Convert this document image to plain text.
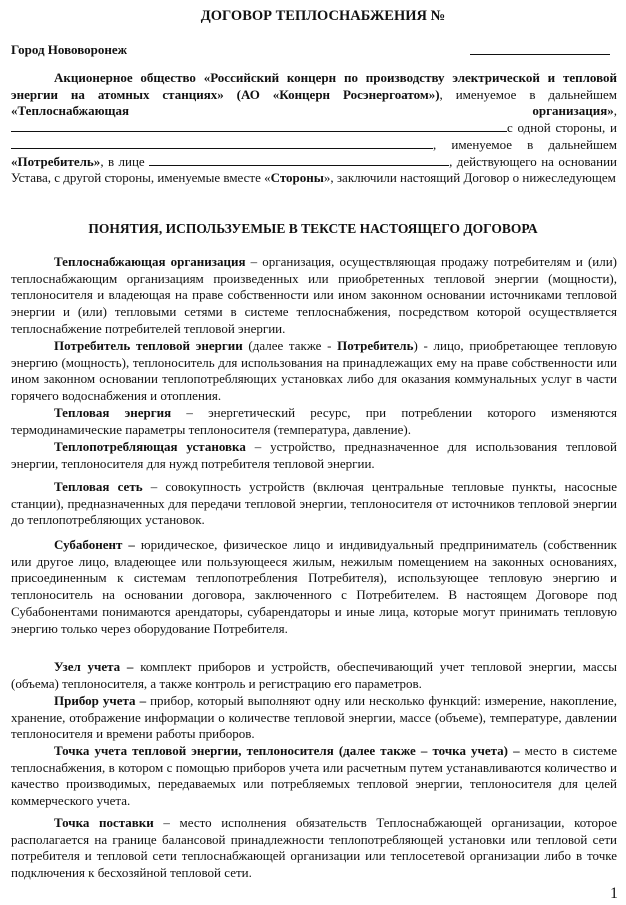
ДОГОВОР ТЕПЛОСНАБЖЕНИЯ №
Город Нововоронеж
Акционерное общество «Российский концерн по производству электрической и тепловой энергии на атомных станциях» (АО «Концерн Росэнергоатом»), именуемое в дальнейшем «Теплоснабжающая организация», с одной стороны, и , именуемое в дальнейшем «Потребитель», в лице	, действующего на основании Устава, с другой стороны, именуемые вместе «Стороны», заключили настоящий Договор о нижеследующем
ПОНЯТИЯ, ИСПОЛЬЗУЕМЫЕ В ТЕКСТЕ НАСТОЯЩЕГО ДОГОВОРА
Теплоснабжающая организация – организация, осуществляющая продажу потребителям и (или) теплоснабжающим организациям произведенных или приобретенных тепловой энергии (мощности), теплоносителя и владеющая на праве собственности или ином законном основании источниками тепловой энергии и (или) тепловыми сетями в системе теплоснабжения, посредством которой осуществляется теплоснабжение потребителей тепловой энергии.
Потребитель тепловой энергии (далее также - Потребитель) - лицо, приобретающее тепловую энергию (мощность), теплоноситель для использования на принадлежащих ему на праве собственности или ином законном основании теплопотребляющих установках либо для оказания коммунальных услуг в части горячего водоснабжения и отопления.
Тепловая энергия – энергетический ресурс, при потреблении которого изменяются термодинамические параметры теплоносителя (температура, давление).
Теплопотребляющая установка – устройство, предназначенное для использования тепловой энергии, теплоносителя для нужд потребителя тепловой энергии.
Тепловая сеть – совокупность устройств (включая центральные тепловые пункты, насосные станции), предназначенных для передачи тепловой энергии, теплоносителя от источников тепловой энергии до теплопотребляющих установок.
Субабонент – юридическое, физическое лицо и индивидуальный предприниматель (собственник или другое лицо, владеющее или пользующееся жилым, нежилым помещением на законных основаниях, присоединенным к системам теплопотребления Потребителя), использующее тепловую энергию и теплоноситель на основании договора, заключенного с Потребителем. В настоящем Договоре под Субабонентами понимаются арендаторы, субарендаторы и иные лица, которые могут принимать тепловую энергию только через оборудование Потребителя.
Узел учета – комплект приборов и устройств, обеспечивающий учет тепловой энергии, массы (объема) теплоносителя, а также контроль и регистрацию его параметров.
Прибор учета – прибор, который выполняют одну или несколько функций: измерение, накопление, хранение, отображение информации о количестве тепловой энергии, массе (объеме), температуре, давлении теплоносителя и времени работы приборов.
Точка учета тепловой энергии, теплоносителя (далее также – точка учета) – место в системе теплоснабжения, в котором с помощью приборов учета или расчетным путем устанавливаются количество и качество производимых, передаваемых или потребляемых тепловой энергии, теплоносителя для целей коммерческого учета.
Точка поставки – место исполнения обязательств Теплоснабжающей организации, которое располагается на границе балансовой принадлежности теплопотребляющей установки или тепловой сети потребителя и тепловой сети теплоснабжающей организации или теплосетевой организации либо в точке подключения к бесхозяйной тепловой сети.
1
